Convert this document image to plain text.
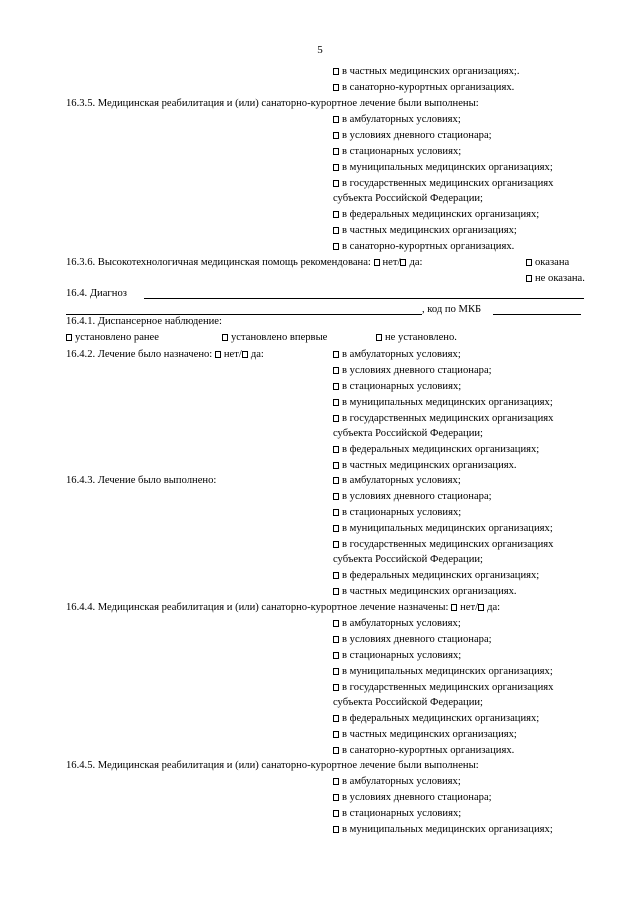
5
в частных медицинских организациях;.
в санаторно-курортных организациях.
16.3.5. Медицинская реабилитация и (или) санаторно-курортное лечение были выполнены:
в амбулаторных условиях;
в условиях дневного стационара;
в стационарных условиях;
в муниципальных медицинских организациях;
в государственных медицинских организациях
субъекта Российской Федерации;
в федеральных медицинских организациях;
в частных медицинских организациях;
в санаторно-курортных организациях.
16.3.6. Высокотехнологичная медицинская помощь рекомендована: нет/ да:	оказана
не оказана.
16.4. Диагноз
, код по МКБ
16.4.1. Диспансерное наблюдение:
установлено ранее	установлено впервые	не установлено.
16.4.2. Лечение было назначено: нет/ да:	в амбулаторных условиях;
в условиях дневного стационара;
в стационарных условиях;
в муниципальных медицинских организациях;
в государственных медицинских организациях
субъекта Российской Федерации;
в федеральных медицинских организациях;
в частных медицинских организациях.
16.4.3. Лечение было выполнено:	в амбулаторных условиях;
в условиях дневного стационара;
в стационарных условиях;
в муниципальных медицинских организациях;
в государственных медицинских организациях
субъекта Российской Федерации;
в федеральных медицинских организациях;
в частных медицинских организациях.
16.4.4. Медицинская реабилитация и (или) санаторно-курортное лечение назначены: нет/ да:
в амбулаторных условиях;
в условиях дневного стационара;
в стационарных условиях;
в муниципальных медицинских организациях;
в государственных медицинских организациях
субъекта Российской Федерации;
в федеральных медицинских организациях;
в частных медицинских организациях;
в санаторно-курортных организациях.
16.4.5. Медицинская реабилитация и (или) санаторно-курортное лечение были выполнены:
в амбулаторных условиях;
в условиях дневного стационара;
в стационарных условиях;
в муниципальных медицинских организациях;
